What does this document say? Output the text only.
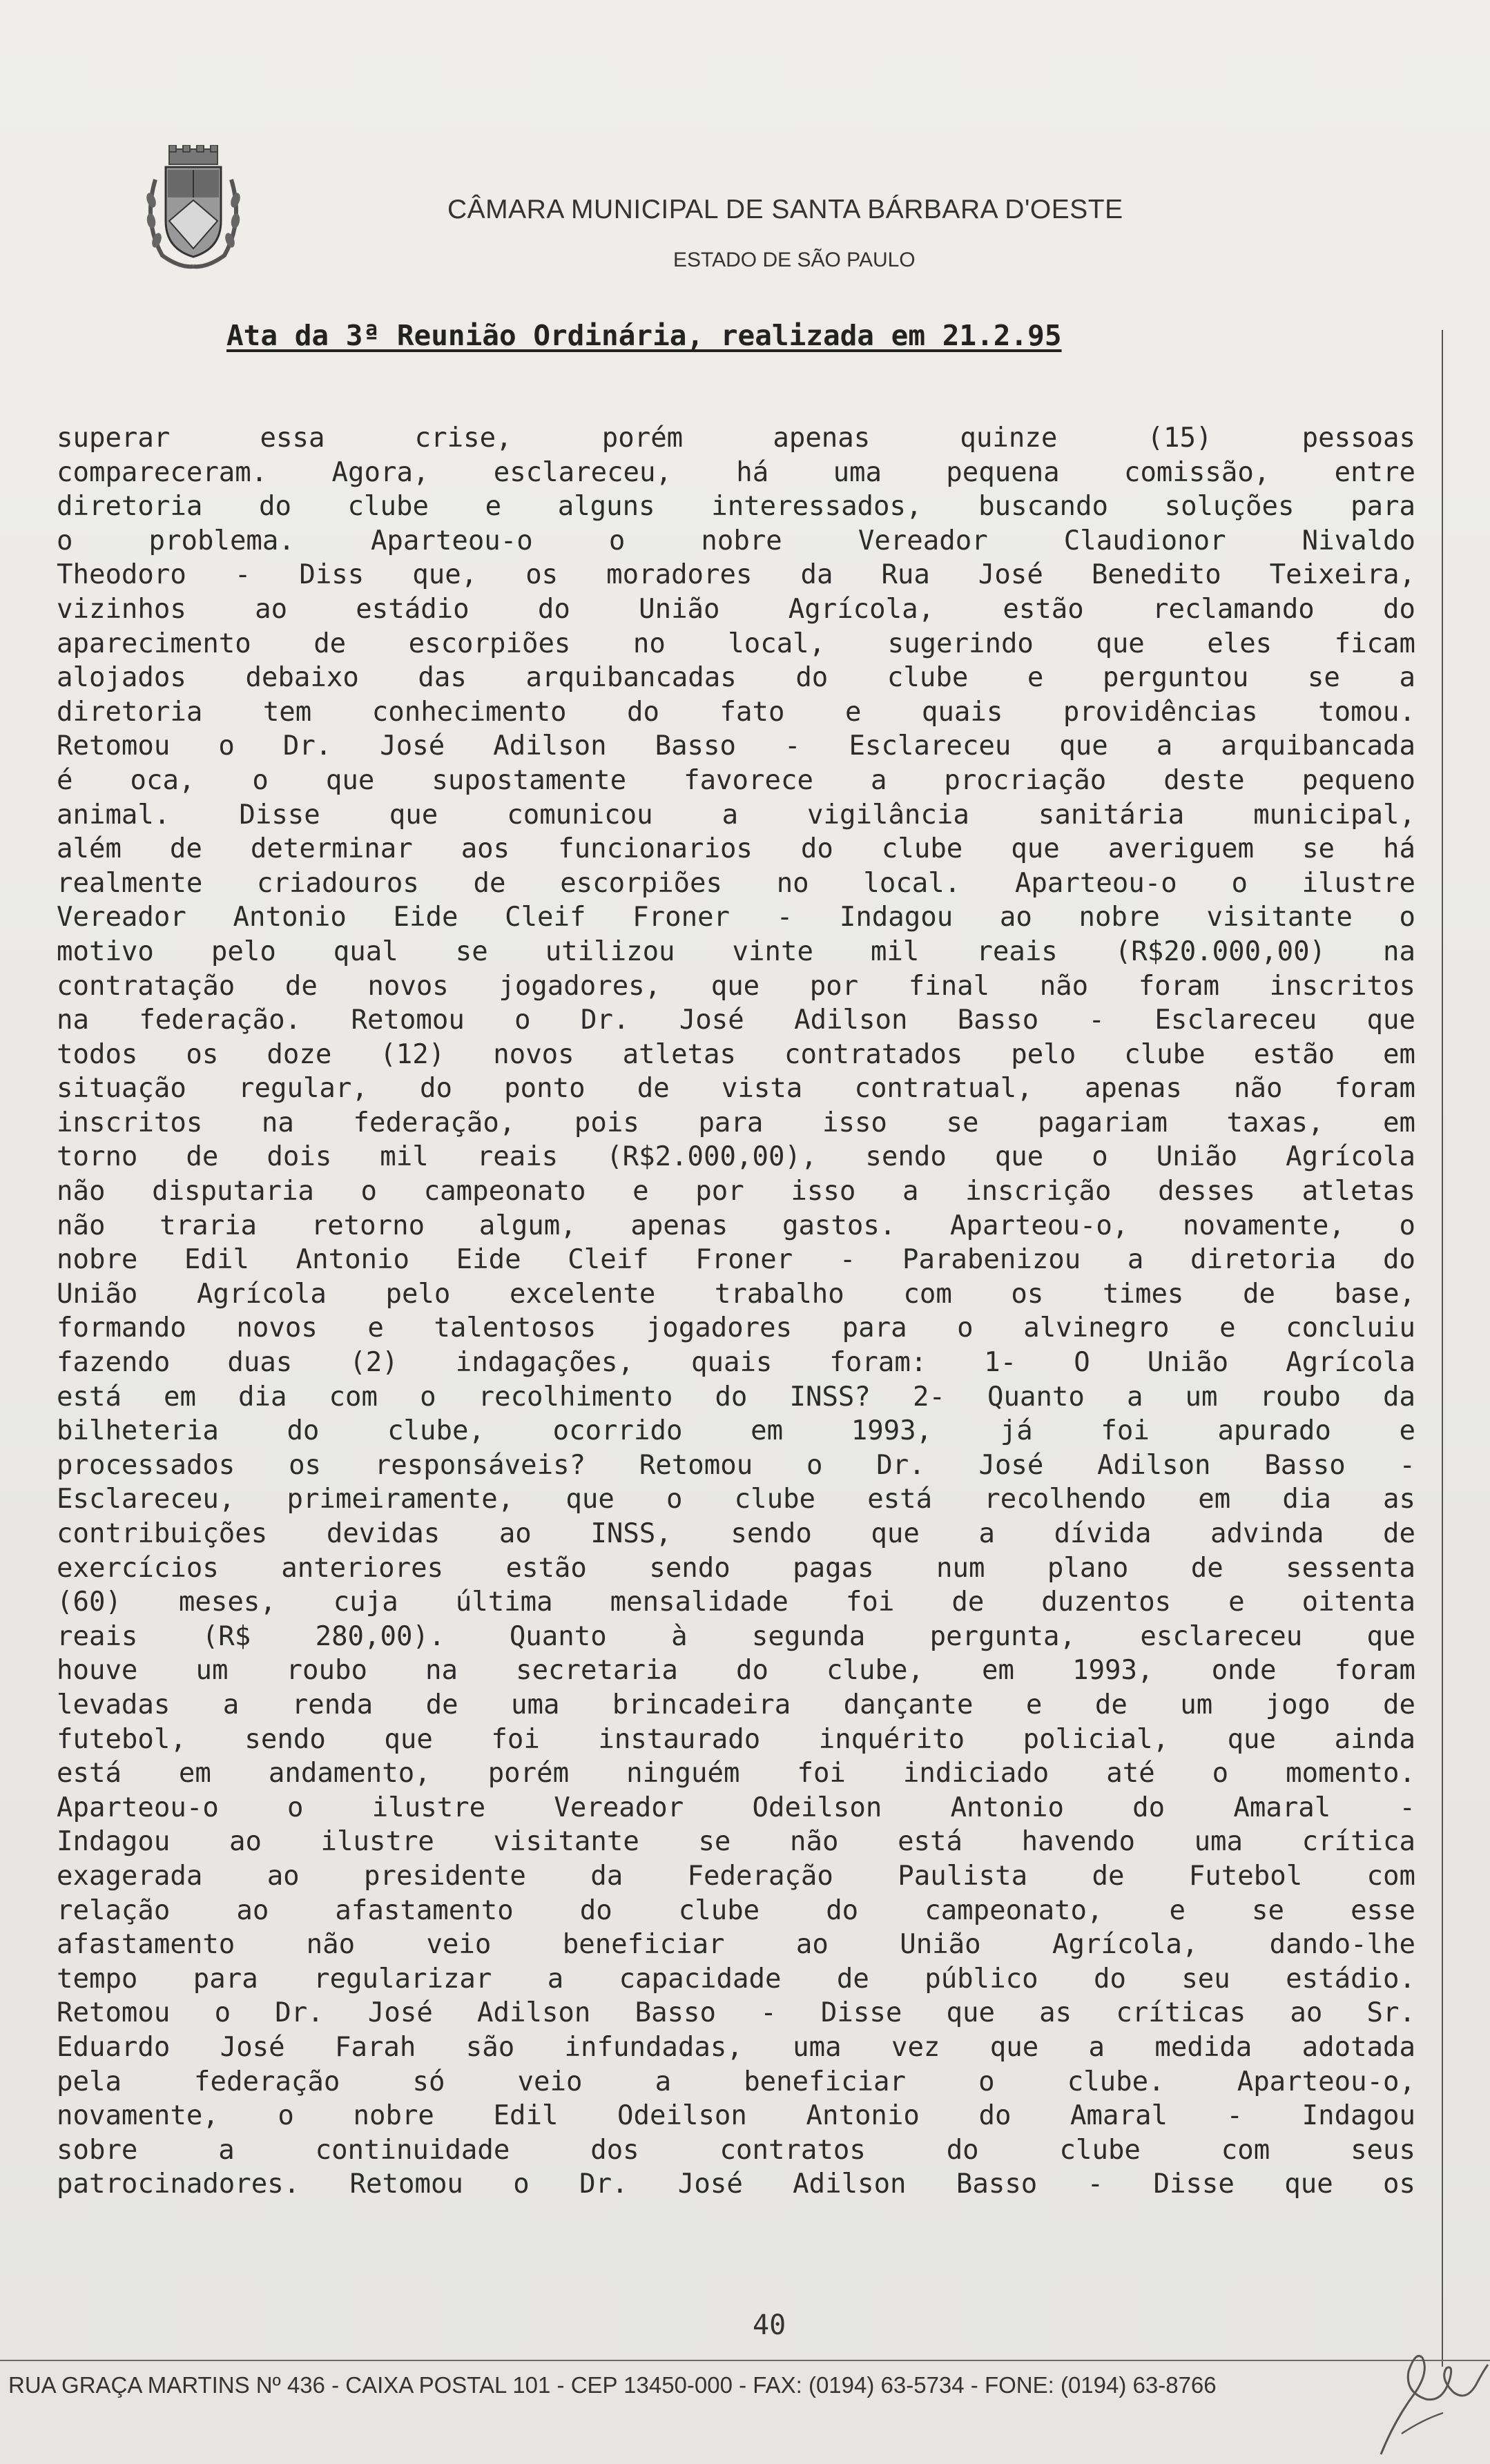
CÂMARA MUNICIPAL DE SANTA BÁRBARA D'OESTE
ESTADO DE SÃO PAULO
Ata da 3ª Reunião Ordinária, realizada em 21.2.95
superar essa crise, porém apenas quinze (15) pessoas
compareceram. Agora, esclareceu, há uma pequena comissão, entre
diretoria do clube e alguns interessados, buscando soluções para
o problema. Aparteou-o o nobre Vereador Claudionor Nivaldo
Theodoro - Diss que, os moradores da Rua José Benedito Teixeira,
vizinhos ao estádio do União Agrícola, estão reclamando do
aparecimento de escorpiões no local, sugerindo que eles ficam
alojados debaixo das arquibancadas do clube e perguntou se a
diretoria tem conhecimento do fato e quais providências tomou.
Retomou o Dr. José Adilson Basso - Esclareceu que a arquibancada
é oca, o que supostamente favorece a procriação deste pequeno
animal. Disse que comunicou a vigilância sanitária municipal,
além de determinar aos funcionarios do clube que averiguem se há
realmente criadouros de escorpiões no local. Aparteou-o o ilustre
Vereador Antonio Eide Cleif Froner - Indagou ao nobre visitante o
motivo pelo qual se utilizou vinte mil reais (R$20.000,00) na
contratação de novos jogadores, que por final não foram inscritos
na federação. Retomou o Dr. José Adilson Basso - Esclareceu que
todos os doze (12) novos atletas contratados pelo clube estão em
situação regular, do ponto de vista contratual, apenas não foram
inscritos na federação, pois para isso se pagariam taxas, em
torno de dois mil reais (R$2.000,00), sendo que o União Agrícola
não disputaria o campeonato e por isso a inscrição desses atletas
não traria retorno algum, apenas gastos. Aparteou-o, novamente, o
nobre Edil Antonio Eide Cleif Froner - Parabenizou a diretoria do
União Agrícola pelo excelente trabalho com os times de base,
formando novos e talentosos jogadores para o alvinegro e concluiu
fazendo duas (2) indagações, quais foram: 1- O União Agrícola
está em dia com o recolhimento do INSS? 2- Quanto a um roubo da
bilheteria do clube, ocorrido em 1993, já foi apurado e
processados os responsáveis? Retomou o Dr. José Adilson Basso -
Esclareceu, primeiramente, que o clube está recolhendo em dia as
contribuições devidas ao INSS, sendo que a dívida advinda de
exercícios anteriores estão sendo pagas num plano de sessenta
(60) meses, cuja última mensalidade foi de duzentos e oitenta
reais (R$ 280,00). Quanto à segunda pergunta, esclareceu que
houve um roubo na secretaria do clube, em 1993, onde foram
levadas a renda de uma brincadeira dançante e de um jogo de
futebol, sendo que foi instaurado inquérito policial, que ainda
está em andamento, porém ninguém foi indiciado até o momento.
Aparteou-o o ilustre Vereador Odeilson Antonio do Amaral -
Indagou ao ilustre visitante se não está havendo uma crítica
exagerada ao presidente da Federação Paulista de Futebol com
relação ao afastamento do clube do campeonato, e se esse
afastamento não veio beneficiar ao União Agrícola, dando-lhe
tempo para regularizar a capacidade de público do seu estádio.
Retomou o Dr. José Adilson Basso - Disse que as críticas ao Sr.
Eduardo José Farah são infundadas, uma vez que a medida adotada
pela federação só veio a beneficiar o clube. Aparteou-o,
novamente, o nobre Edil Odeilson Antonio do Amaral - Indagou
sobre a continuidade dos contratos do clube com seus
patrocinadores. Retomou o Dr. José Adilson Basso - Disse que os
40
RUA GRAÇA MARTINS Nº 436 - CAIXA POSTAL 101 - CEP 13450-000 - FAX: (0194) 63-5734 - FONE: (0194) 63-8766
